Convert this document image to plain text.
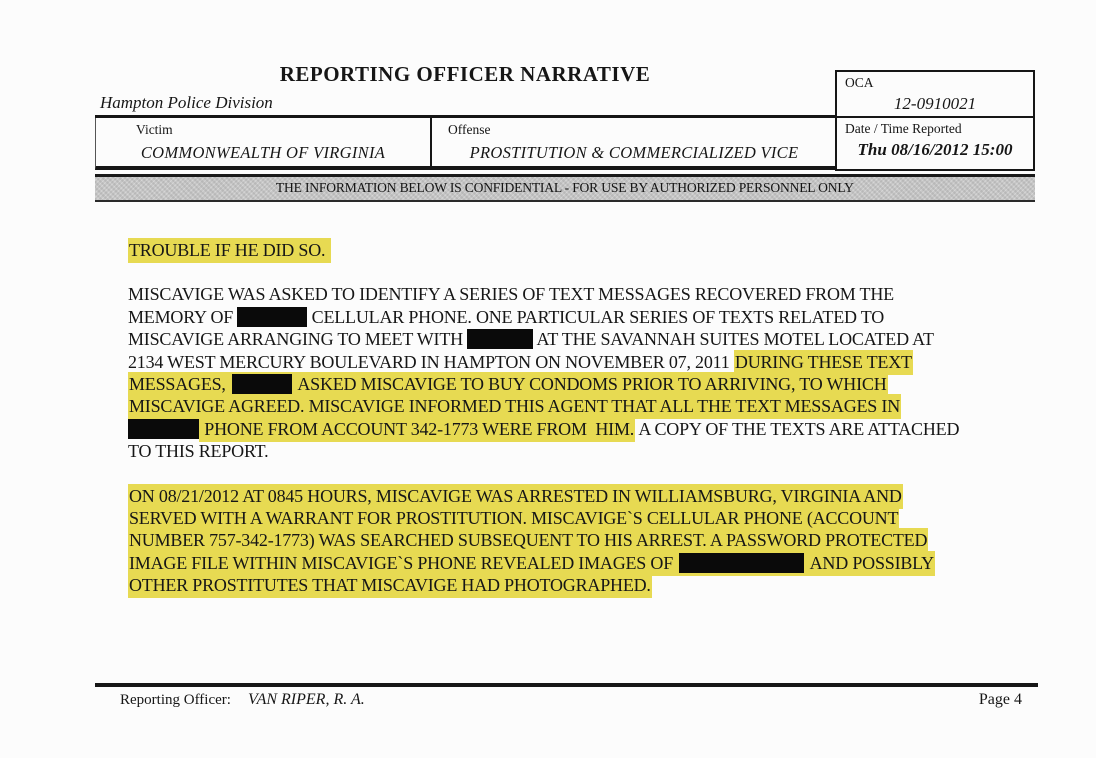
REPORTING OFFICER NARRATIVE
Hampton Police Division
Victim
COMMONWEALTH OF VIRGINIA
Offense
PROSTITUTION & COMMERCIALIZED VICE
OCA
12-0910021
Date / Time Reported
Thu 08/16/2012 15:00
THE INFORMATION BELOW IS CONFIDENTIAL - FOR USE BY AUTHORIZED PERSONNEL ONLY
TROUBLE IF HE DID SO.
MISCAVIGE WAS ASKED TO IDENTIFY A SERIES OF TEXT MESSAGES RECOVERED FROM THE
MEMORY OF	CELLULAR PHONE. ONE PARTICULAR SERIES OF TEXTS RELATED TO
MISCAVIGE ARRANGING TO MEET WITH	AT THE SAVANNAH SUITES MOTEL LOCATED AT
2134 WEST MERCURY BOULEVARD IN HAMPTON ON NOVEMBER 07, 2011 DURING THESE TEXT
MESSAGES,	ASKED MISCAVIGE TO BUY CONDOMS PRIOR TO ARRIVING, TO WHICH
MISCAVIGE AGREED. MISCAVIGE INFORMED THIS AGENT THAT ALL THE TEXT MESSAGES IN
PHONE FROM ACCOUNT 342-1773 WERE FROM  HIM. A COPY OF THE TEXTS ARE ATTACHED
TO THIS REPORT.
ON 08/21/2012 AT 0845 HOURS, MISCAVIGE WAS ARRESTED IN WILLIAMSBURG, VIRGINIA AND
SERVED WITH A WARRANT FOR PROSTITUTION. MISCAVIGE`S CELLULAR PHONE (ACCOUNT
NUMBER 757-342-1773) WAS SEARCHED SUBSEQUENT TO HIS ARREST. A PASSWORD PROTECTED
IMAGE FILE WITHIN MISCAVIGE`S PHONE REVEALED IMAGES OF	AND POSSIBLY
OTHER PROSTITUTES THAT MISCAVIGE HAD PHOTOGRAPHED.
Reporting Officer: VAN RIPER, R. A.	Page 4
